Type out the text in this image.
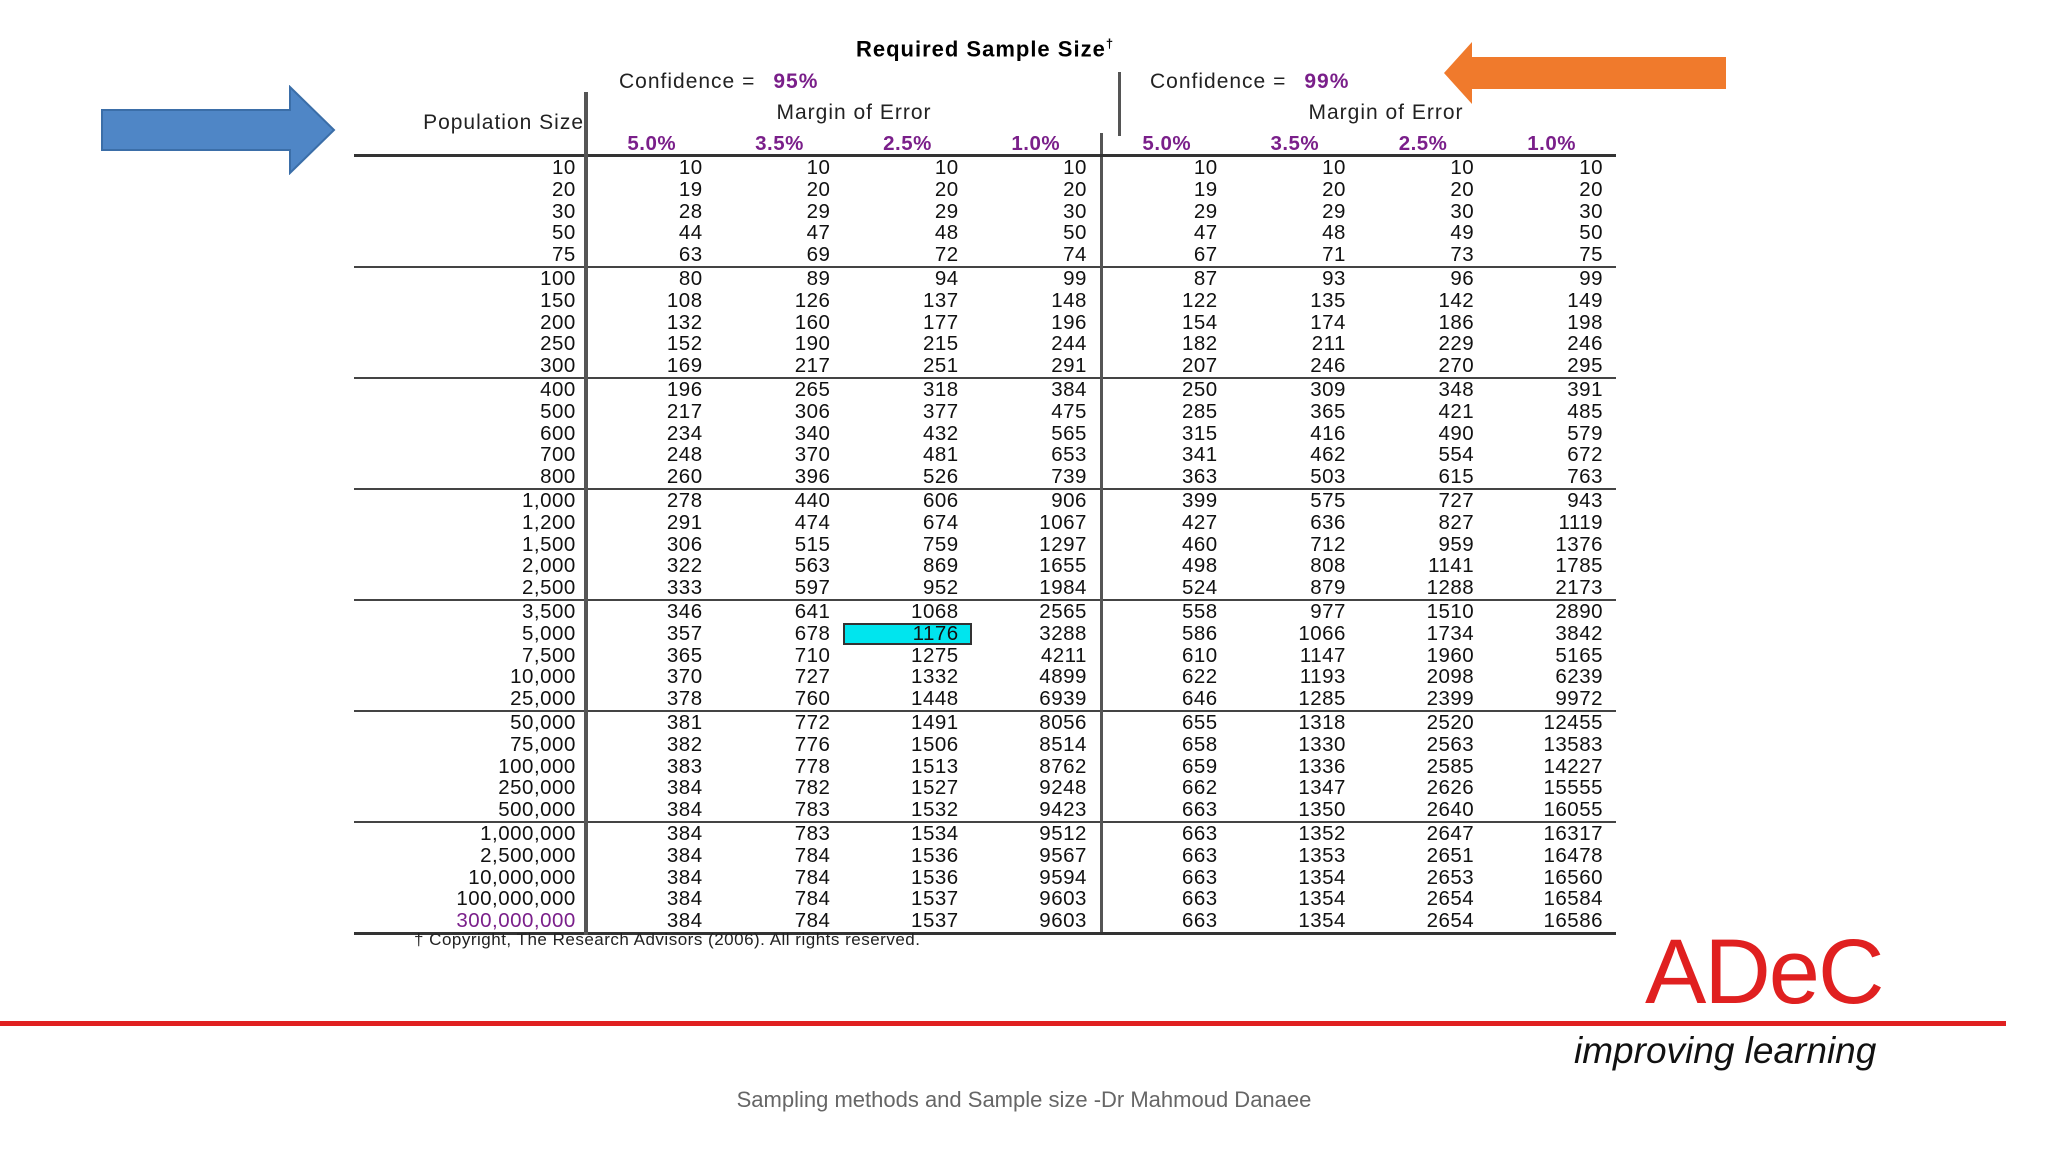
Required Sample Size†
Confidence = 95%	Confidence = 99%
Margin of Error	Margin of Error
Population Size
	5.0%	3.5%	2.5%	1.0%	5.0%	3.5%	2.5%	1.0%
10	10	10	10	10	10	10	10	10
20	19	20	20	20	19	20	20	20
30	28	29	29	30	29	29	30	30
50	44	47	48	50	47	48	49	50
75	63	69	72	74	67	71	73	75
100	80	89	94	99	87	93	96	99
150	108	126	137	148	122	135	142	149
200	132	160	177	196	154	174	186	198
250	152	190	215	244	182	211	229	246
300	169	217	251	291	207	246	270	295
400	196	265	318	384	250	309	348	391
500	217	306	377	475	285	365	421	485
600	234	340	432	565	315	416	490	579
700	248	370	481	653	341	462	554	672
800	260	396	526	739	363	503	615	763
1,000	278	440	606	906	399	575	727	943
1,200	291	474	674	1067	427	636	827	1119
1,500	306	515	759	1297	460	712	959	1376
2,000	322	563	869	1655	498	808	1141	1785
2,500	333	597	952	1984	524	879	1288	2173
3,500	346	641	1068	2565	558	977	1510	2890
5,000	357	678	1176	3288	586	1066	1734	3842
7,500	365	710	1275	4211	610	1147	1960	5165
10,000	370	727	1332	4899	622	1193	2098	6239
25,000	378	760	1448	6939	646	1285	2399	9972
50,000	381	772	1491	8056	655	1318	2520	12455
75,000	382	776	1506	8514	658	1330	2563	13583
100,000	383	778	1513	8762	659	1336	2585	14227
250,000	384	782	1527	9248	662	1347	2626	15555
500,000	384	783	1532	9423	663	1350	2640	16055
1,000,000	384	783	1534	9512	663	1352	2647	16317
2,500,000	384	784	1536	9567	663	1353	2651	16478
10,000,000	384	784	1536	9594	663	1354	2653	16560
100,000,000	384	784	1537	9603	663	1354	2654	16584
300,000,000	384	784	1537	9603	663	1354	2654	16586
† Copyright, The Research Advisors (2006). All rights reserved.	ADeC
improving learning
Sampling methods and Sample size -Dr Mahmoud Danaee
